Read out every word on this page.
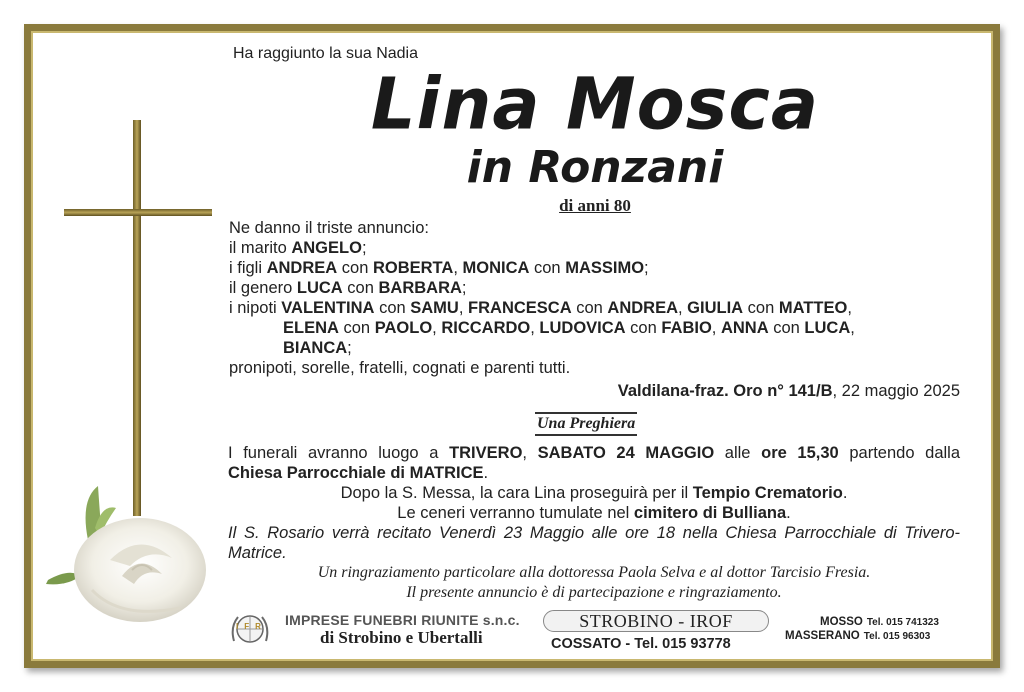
Ha raggiunto la sua Nadia
Lina Mosca
in Ronzani
di anni 80
Ne danno il triste annuncio:
il marito ANGELO;
i figli ANDREA con ROBERTA, MONICA con MASSIMO;
il genero LUCA con BARBARA;
i nipoti VALENTINA con SAMU, FRANCESCA con ANDREA, GIULIA con MATTEO,
ELENA con PAOLO, RICCARDO, LUDOVICA con FABIO, ANNA con LUCA,
BIANCA;
pronipoti, sorelle, fratelli, cognati e parenti tutti.
Valdilana-fraz. Oro n° 141/B, 22 maggio 2025
Una Preghiera
I funerali avranno luogo a TRIVERO, SABATO 24 MAGGIO alle ore 15,30 partendo dalla
Chiesa Parrocchiale di MATRICE.
Dopo la S. Messa, la cara Lina proseguirà per il Tempio Crematorio.
Le ceneri verranno tumulate nel cimitero di Bulliana.
Il S. Rosario verrà recitato Venerdì 23 Maggio alle ore 18 nella Chiesa Parrocchiale di Trivero-Matrice.
Un ringraziamento particolare alla dottoressa Paola Selva e al dottor Tarcisio Fresia.
Il presente annuncio è di partecipazione e ringraziamento.
IFR IMPRESE FUNEBRI RIUNITE s.n.c.
di Strobino e Ubertalli
STROBINO - IROF
COSSATO - Tel. 015 93778
MOSSO Tel. 015 741323
MASSERANO Tel. 015 96303
